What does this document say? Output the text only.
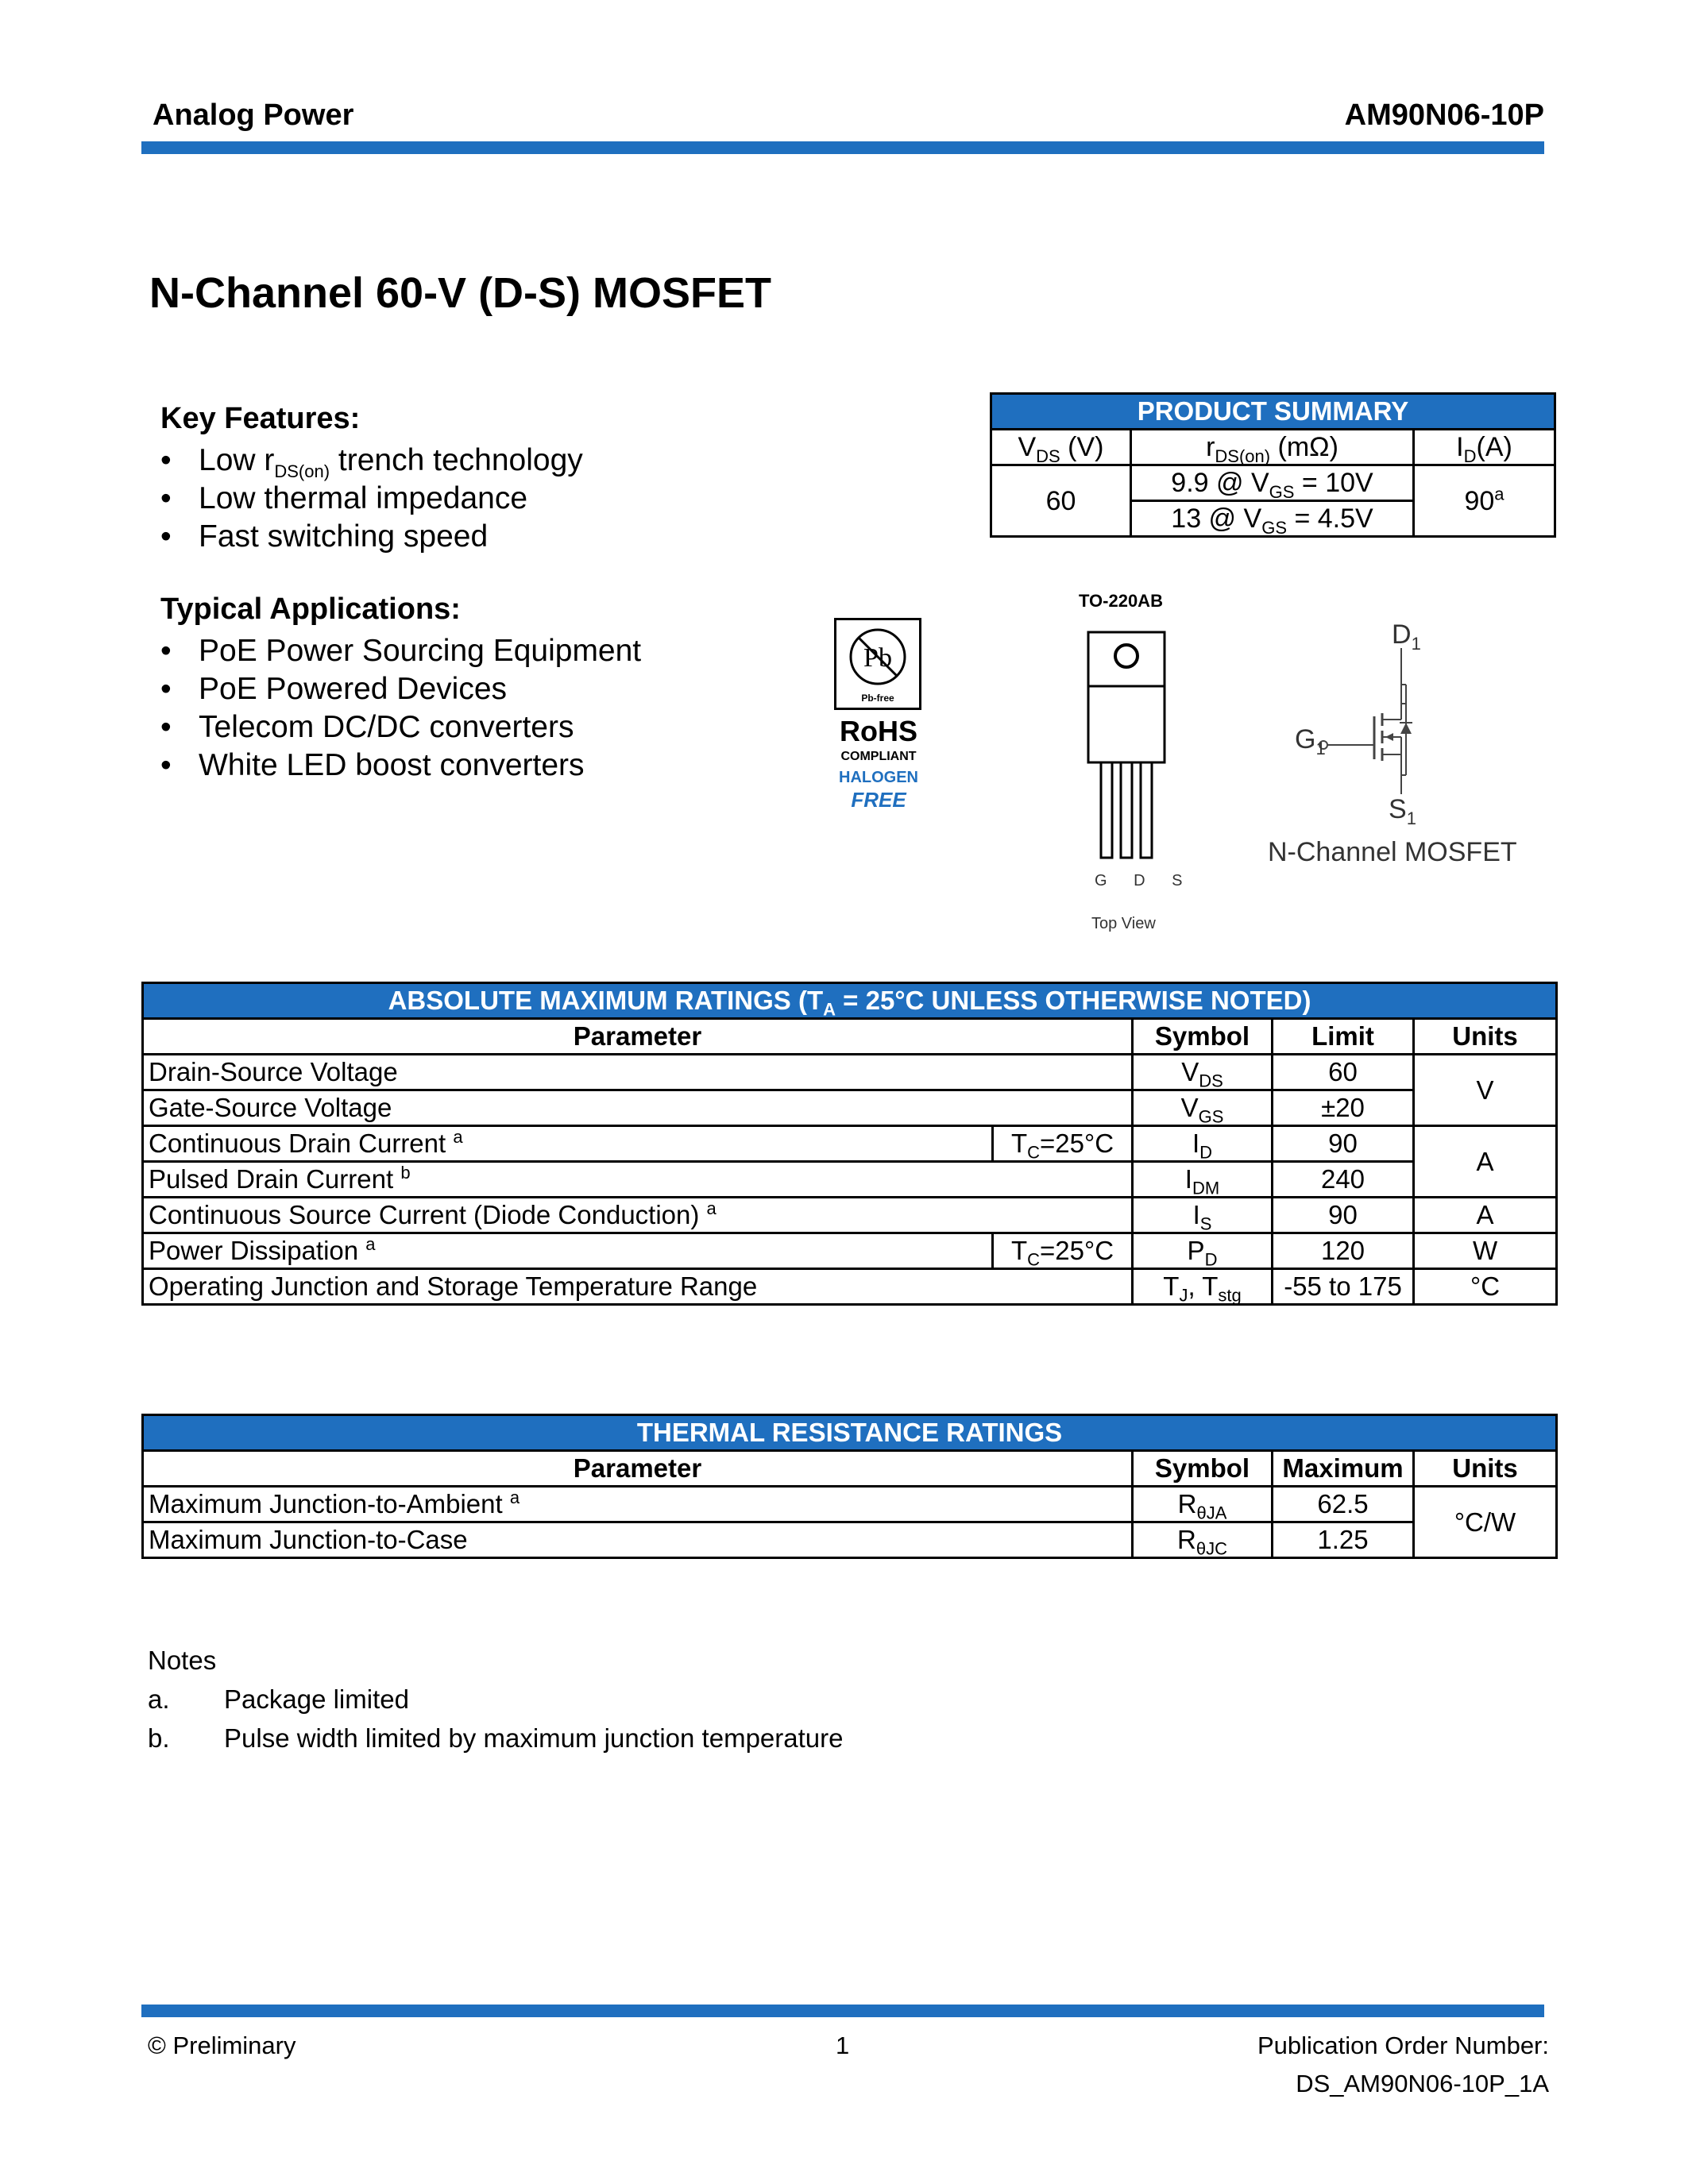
Analog Power	AM90N06-10P
N-Channel 60-V (D-S) MOSFET
Key Features:
• Low $r_{DS(on)}$ trench technology
• Low thermal impedance
• Fast switching speed
Typical Applications:
• PoE Power Sourcing Equipment
• PoE Powered Devices
• Telecom DC/DC converters
• White LED boost converters
PRODUCT SUMMARY		
$V_{DS}$ (V)	$r_{DS(on)}$ (mΩ)	$I_D(A)$
60	9.9 @ $V_{GS} = 10V$	90$^a$
	13 @ $V_{GS} = 4.5V$	
Pb
Pb-free
RoHS
COMPLIANT
HALOGEN
FREE
TO-220AB
G D S
Top View
$D_1$
$G_1$
$S_1$
N-Channel MOSFET
ABSOLUTE MAXIMUM RATINGS ($T_A = 25^\circ C$ UNLESS OTHERWISE NOTED)				
Parameter		Symbol	Limit	Units
Drain-Source Voltage		$V_{DS}$	60	V
Gate-Source Voltage		$V_{GS}$	±20	
Continuous Drain Current $^a$	$T_C=25^\circ C$	$I_D$	90	A
Pulsed Drain Current $^b$		$I_{DM}$	240	
Continuous Source Current (Diode Conduction) $^a$		$I_S$	90	A
Power Dissipation $^a$	$T_C=25^\circ C$	$P_D$	120	W
Operating Junction and Storage Temperature Range		$T_J$, $T_{stg}$	-55 to 175	°C
THERMAL RESISTANCE RATINGS			
Parameter	Symbol	Maximum	Units
Maximum Junction-to-Ambient $^a$	$R_{\theta JA}$	62.5	°C/W
Maximum Junction-to-Case	$R_{\theta JC}$	1.25	
Notes
a. Package limited
b. Pulse width limited by maximum junction temperature
© Preliminary	1	Publication Order Number:
DS_AM90N06-10P_1A
